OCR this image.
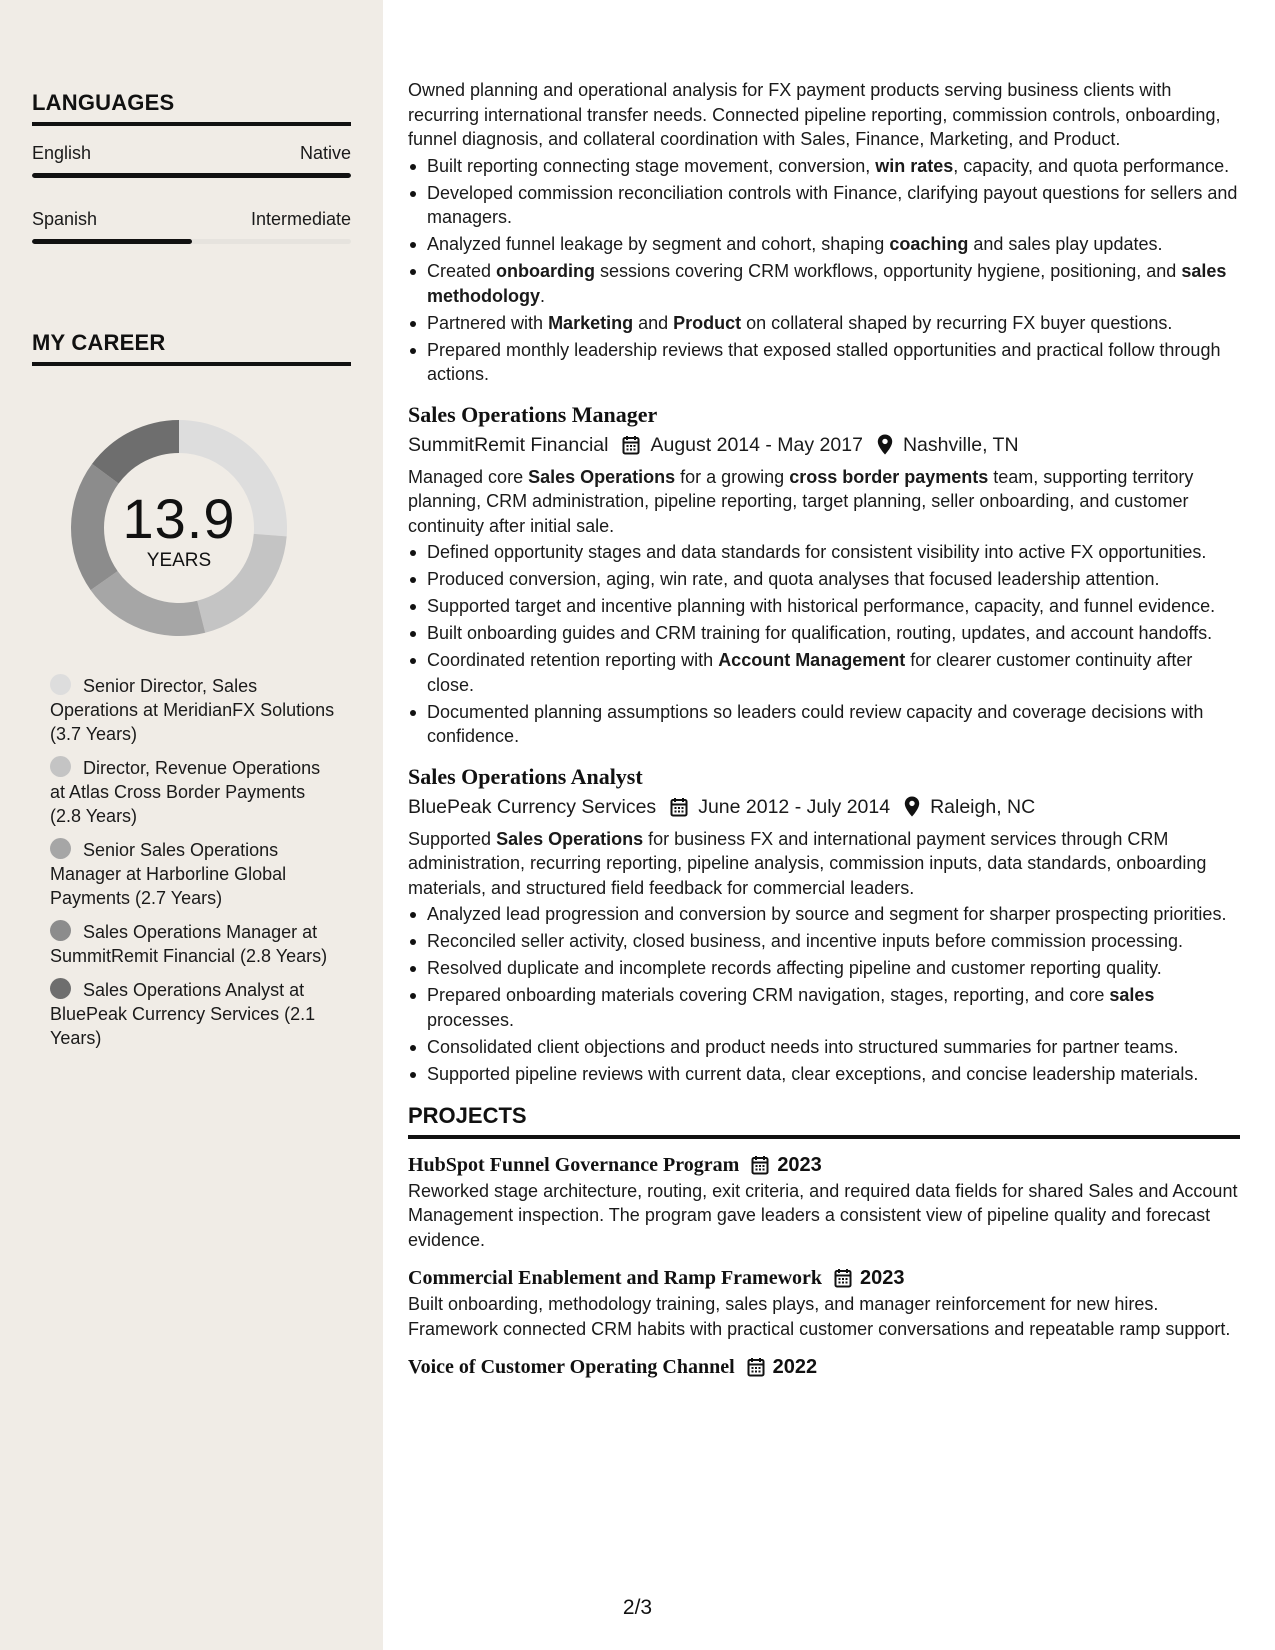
LANGUAGES
English	Native
Spanish	Intermediate
MY CAREER
13.9
YEARS
Senior Director, Sales Operations at MeridianFX Solutions (3.7 Years)
Director, Revenue Operations at Atlas Cross Border Payments (2.8 Years)
Senior Sales Operations Manager at Harborline Global Payments (2.7 Years)
Sales Operations Manager at SummitRemit Financial (2.8 Years)
Sales Operations Analyst at BluePeak Currency Services (2.1 Years)

Owned planning and operational analysis for FX payment products serving business clients with recurring international transfer needs. Connected pipeline reporting, commission controls, onboarding, funnel diagnosis, and collateral coordination with Sales, Finance, Marketing, and Product.

Built reporting connecting stage movement, conversion, win rates, capacity, and quota performance.
Developed commission reconciliation controls with Finance, clarifying payout questions for sellers and managers.
Analyzed funnel leakage by segment and cohort, shaping coaching and sales play updates.
Created onboarding sessions covering CRM workflows, opportunity hygiene, positioning, and sales methodology.
Partnered with Marketing and Product on collateral shaped by recurring FX buyer questions.
Prepared monthly leadership reviews that exposed stalled opportunities and practical follow through actions.
Sales Operations Manager
SummitRemit Financial August 2014 - May 2017 Nashville, TN

Managed core Sales Operations for a growing cross border payments team, supporting territory planning, CRM administration, pipeline reporting, target planning, seller onboarding, and customer continuity after initial sale.

Defined opportunity stages and data standards for consistent visibility into active FX opportunities.
Produced conversion, aging, win rate, and quota analyses that focused leadership attention.
Supported target and incentive planning with historical performance, capacity, and funnel evidence.
Built onboarding guides and CRM training for qualification, routing, updates, and account handoffs.
Coordinated retention reporting with Account Management for clearer customer continuity after close.
Documented planning assumptions so leaders could review capacity and coverage decisions with confidence.
Sales Operations Analyst
BluePeak Currency Services June 2012 - July 2014 Raleigh, NC

Supported Sales Operations for business FX and international payment services through CRM administration, recurring reporting, pipeline analysis, commission inputs, data standards, onboarding materials, and structured field feedback for commercial leaders.

Analyzed lead progression and conversion by source and segment for sharper prospecting priorities.
Reconciled seller activity, closed business, and incentive inputs before commission processing.
Resolved duplicate and incomplete records affecting pipeline and customer reporting quality.
Prepared onboarding materials covering CRM navigation, stages, reporting, and core sales processes.
Consolidated client objections and product needs into structured summaries for partner teams.
Supported pipeline reviews with current data, clear exceptions, and concise leadership materials.
PROJECTS
HubSpot Funnel Governance Program 2023

Reworked stage architecture, routing, exit criteria, and required data fields for shared Sales and Account Management inspection. The program gave leaders a consistent view of pipeline quality and forecast evidence.

Commercial Enablement and Ramp Framework 2023

Built onboarding, methodology training, sales plays, and manager reinforcement for new hires. Framework connected CRM habits with practical customer conversations and repeatable ramp support.

Voice of Customer Operating Channel 2022
2/3
